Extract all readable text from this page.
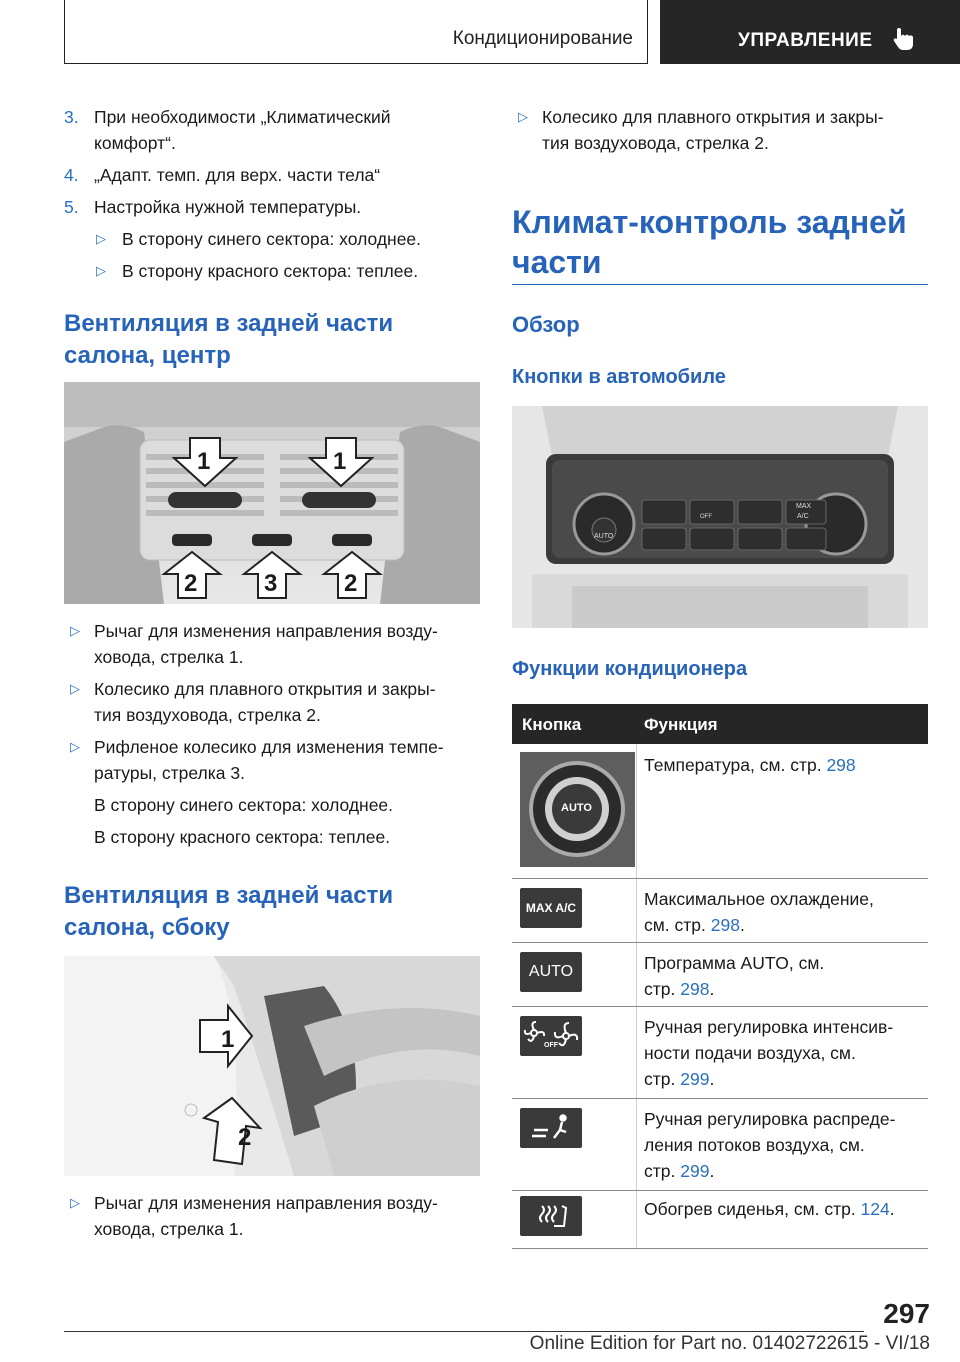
Кондиционирование	УПРАВЛЕНИЕ
3. При необходимости „Климатический
комфорт“.
4. „Адапт. темп. для верх. части тела“
5. Настройка нужной температуры.
▷ В сторону синего сектора: холоднее.
▷ В сторону красного сектора: теплее.
Вентиляция в задней части
салона, центр
1	1
2	3	2
▷ Рычаг для изменения направления возду-
ховода, стрелка 1.
▷ Колесико для плавного открытия и закры-
тия воздуховода, стрелка 2.
▷ Рифленое колесико для изменения темпе-
ратуры, стрелка 3.
В сторону синего сектора: холоднее.
В сторону красного сектора: теплее.
Вентиляция в задней части
салона, сбоку
1
2
▷ Рычаг для изменения направления возду-
ховода, стрелка 1.
▷ Колесико для плавного открытия и закры-
тия воздуховода, стрелка 2.
Климат-контроль задней
части
Обзор
Кнопки в автомобиле
AUTO
OFF
MAX
A/C
Функции кондиционера
Кнопка	Функция
AUTO
Температура, см. стр. 298
MAX A/C	Максимальное охлаждение,
см. стр. 298.
AUTO	Программа AUTO, см.
стр. 298.
OFF
Ручная регулировка интенсив-
ности подачи воздуха, см.
стр. 299.
Ручная регулировка распреде-
ления потоков воздуха, см.
стр. 299.
Обогрев сиденья, см. стр. 124.
297
Online Edition for Part no. 01402722615 - VI/18
